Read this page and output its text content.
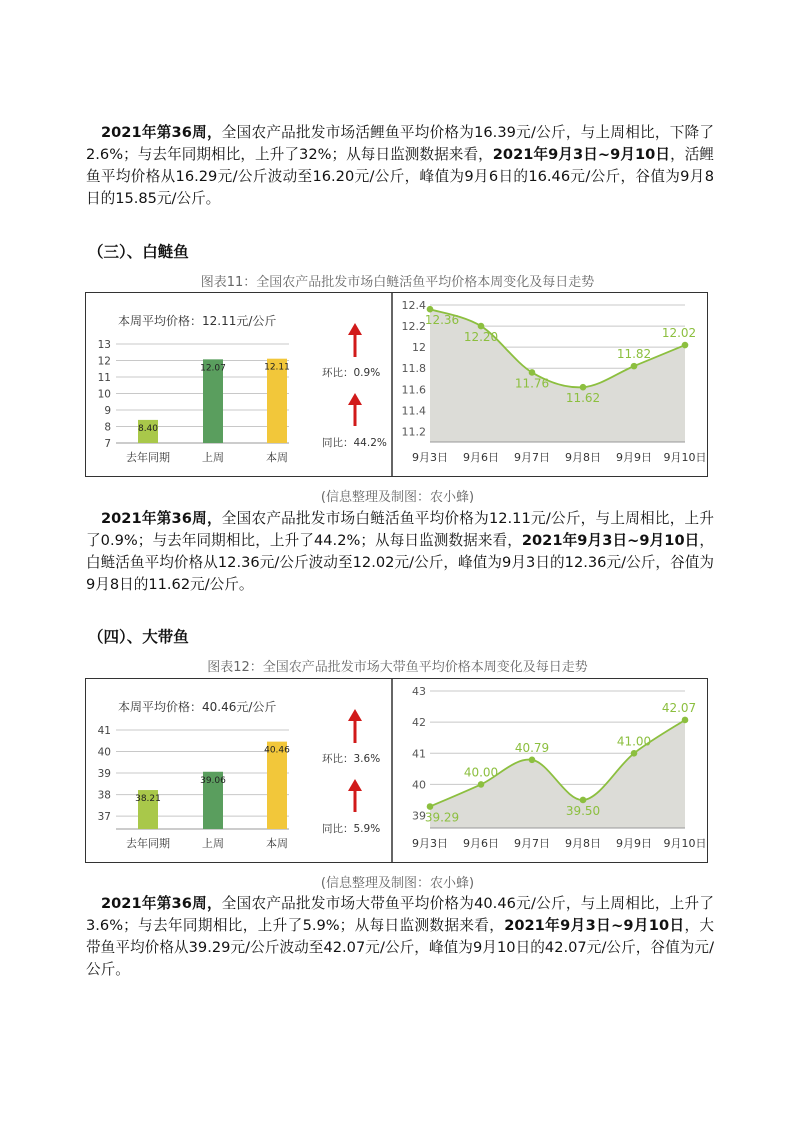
2021年第36周，全国农产品批发市场活鲤鱼平均价格为16.39元/公斤，与上周相比，下降了2.6%；与去年同期相比，上升了32%；从每日监测数据来看，2021年9月3日~9月10日，活鲤鱼平均价格从16.29元/公斤波动至16.20元/公斤，峰值为9月6日的16.46元/公斤，谷值为9月8日的15.85元/公斤。

（三）、白鲢鱼
图表11：全国农产品批发市场白鲢活鱼平均价格本周变化及每日走势
本周平均价格：12.11元/公斤
7
8
9
10
11
12
13
8.40
去年同期
12.07
上周
12.11
本周
环比：0.9%
同比：44.2%
11.2
11.4
11.6
11.8
12
12.2
12.4
12.36
9月3日
12.20
9月6日
11.76
9月7日
11.62
9月8日
11.82
9月9日
12.02
9月10日
(信息整理及制图：农小蜂)

2021年第36周，全国农产品批发市场白鲢活鱼平均价格为12.11元/公斤，与上周相比，上升了0.9%；与去年同期相比，上升了44.2%；从每日监测数据来看，2021年9月3日~9月10日，白鲢活鱼平均价格从12.36元/公斤波动至12.02元/公斤，峰值为9月3日的12.36元/公斤，谷值为9月8日的11.62元/公斤。

（四）、大带鱼
图表12：全国农产品批发市场大带鱼平均价格本周变化及每日走势
本周平均价格：40.46元/公斤
37
38
39
40
41
38.21
去年同期
39.06
上周
40.46
本周
环比：3.6%
同比：5.9%
39
40
41
42
43
39.29
9月3日
40.00
9月6日
40.79
9月7日
39.50
9月8日
41.00
9月9日
42.07
9月10日
(信息整理及制图：农小蜂)

2021年第36周，全国农产品批发市场大带鱼平均价格为40.46元/公斤，与上周相比，上升了3.6%；与去年同期相比，上升了5.9%；从每日监测数据来看，2021年9月3日~9月10日，大带鱼平均价格从39.29元/公斤波动至42.07元/公斤，峰值为9月10日的42.07元/公斤，谷值为元/公斤。
